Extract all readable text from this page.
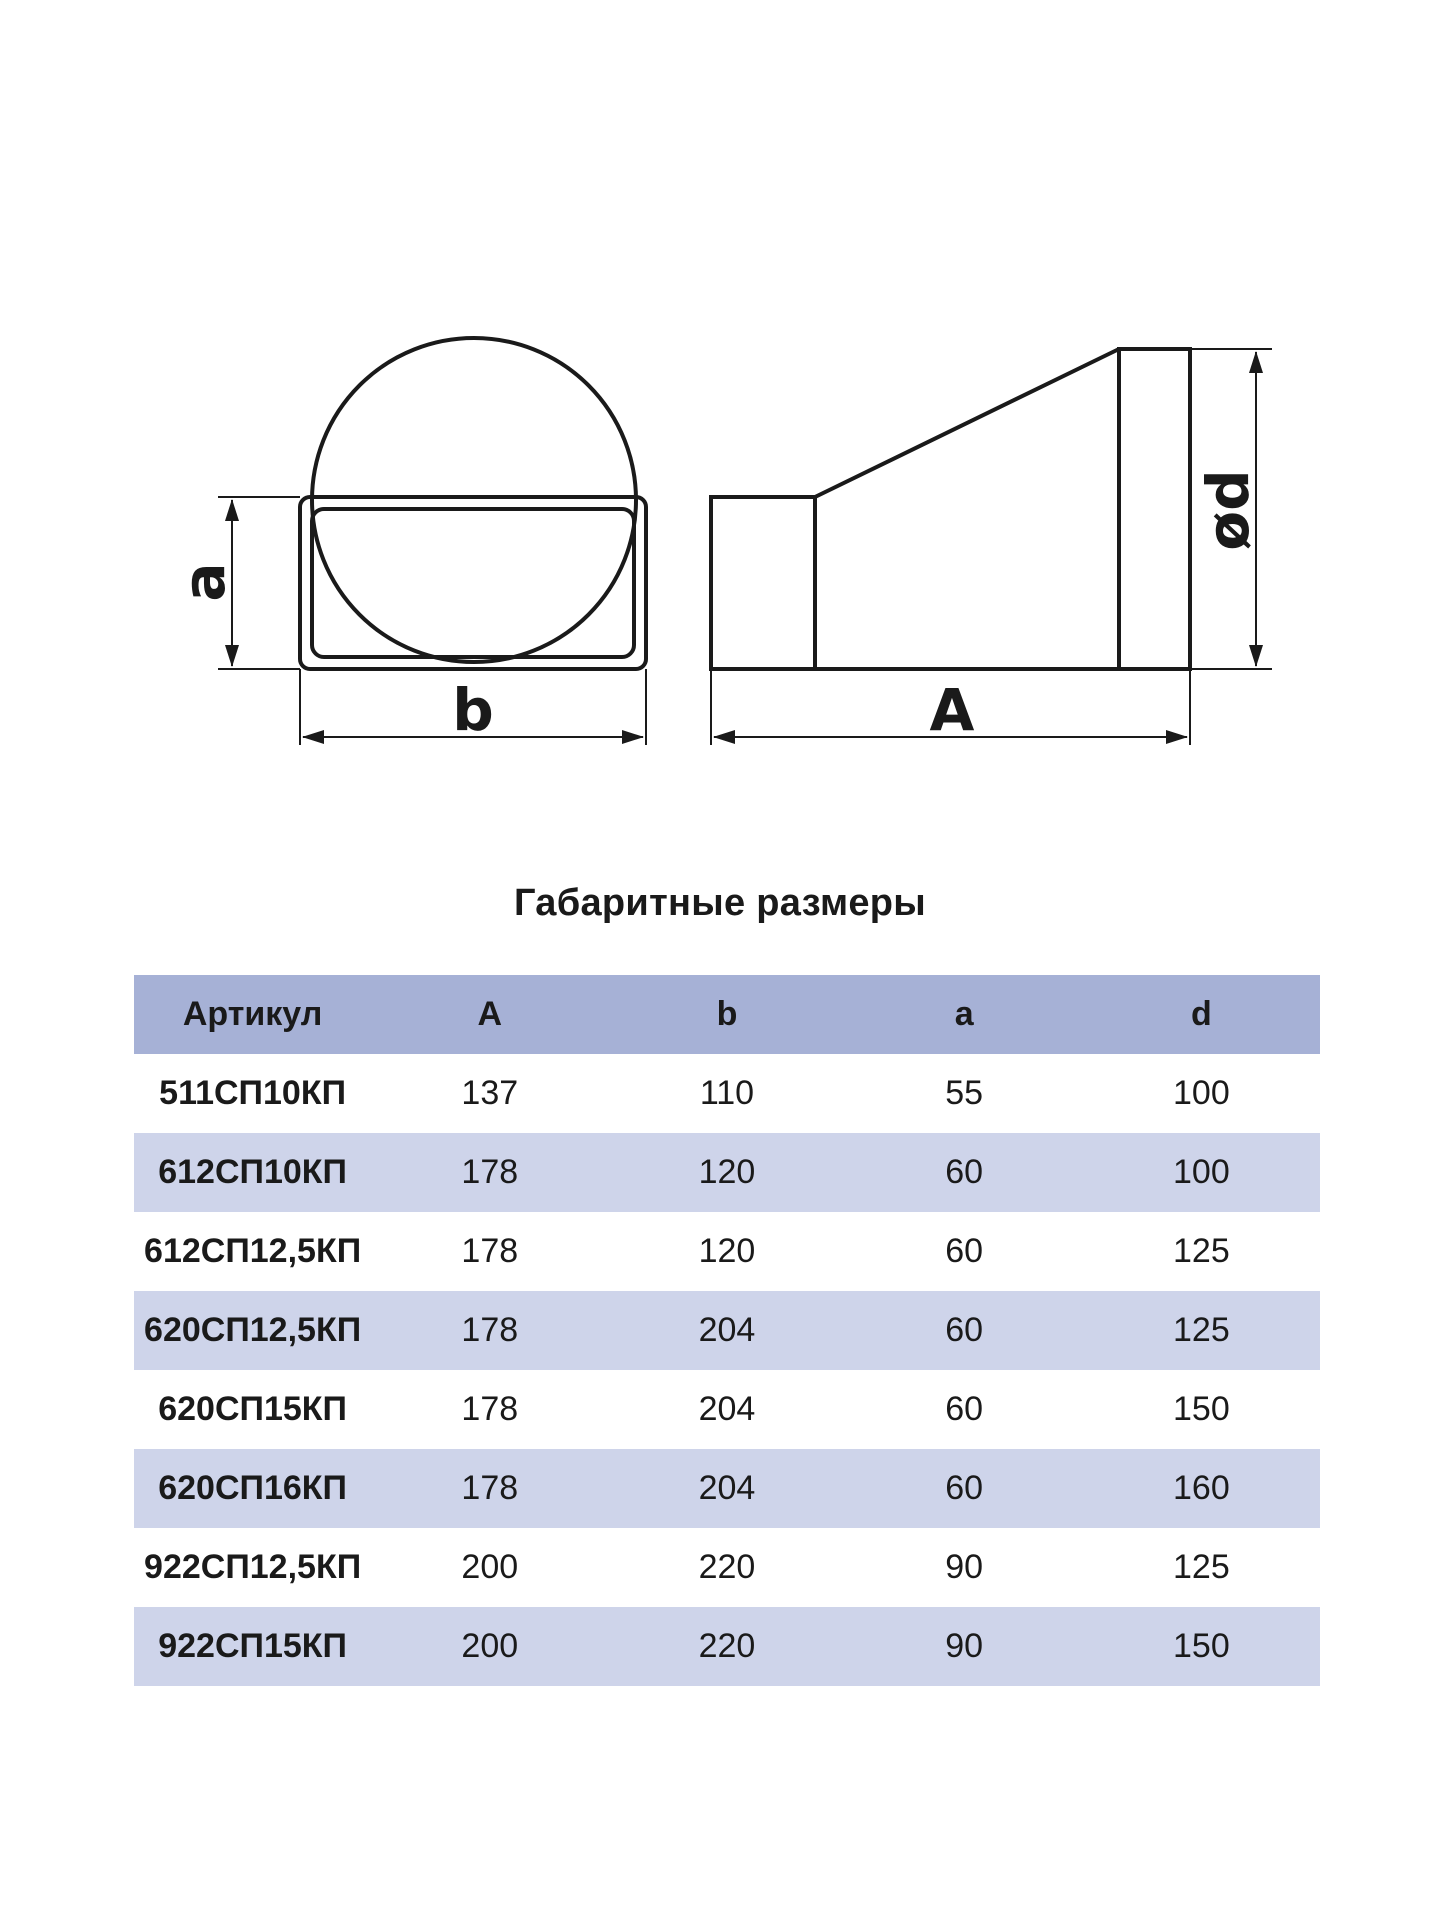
a
b	A
ød
Габаритные размеры
Артикул	A	b	a	d
511СП10КП	137	110	55	100
612СП10КП	178	120	60	100
612СП12,5КП	178	120	60	125
620СП12,5КП	178	204	60	125
620СП15КП	178	204	60	150
620СП16КП	178	204	60	160
922СП12,5КП	200	220	90	125
922СП15КП	200	220	90	150
